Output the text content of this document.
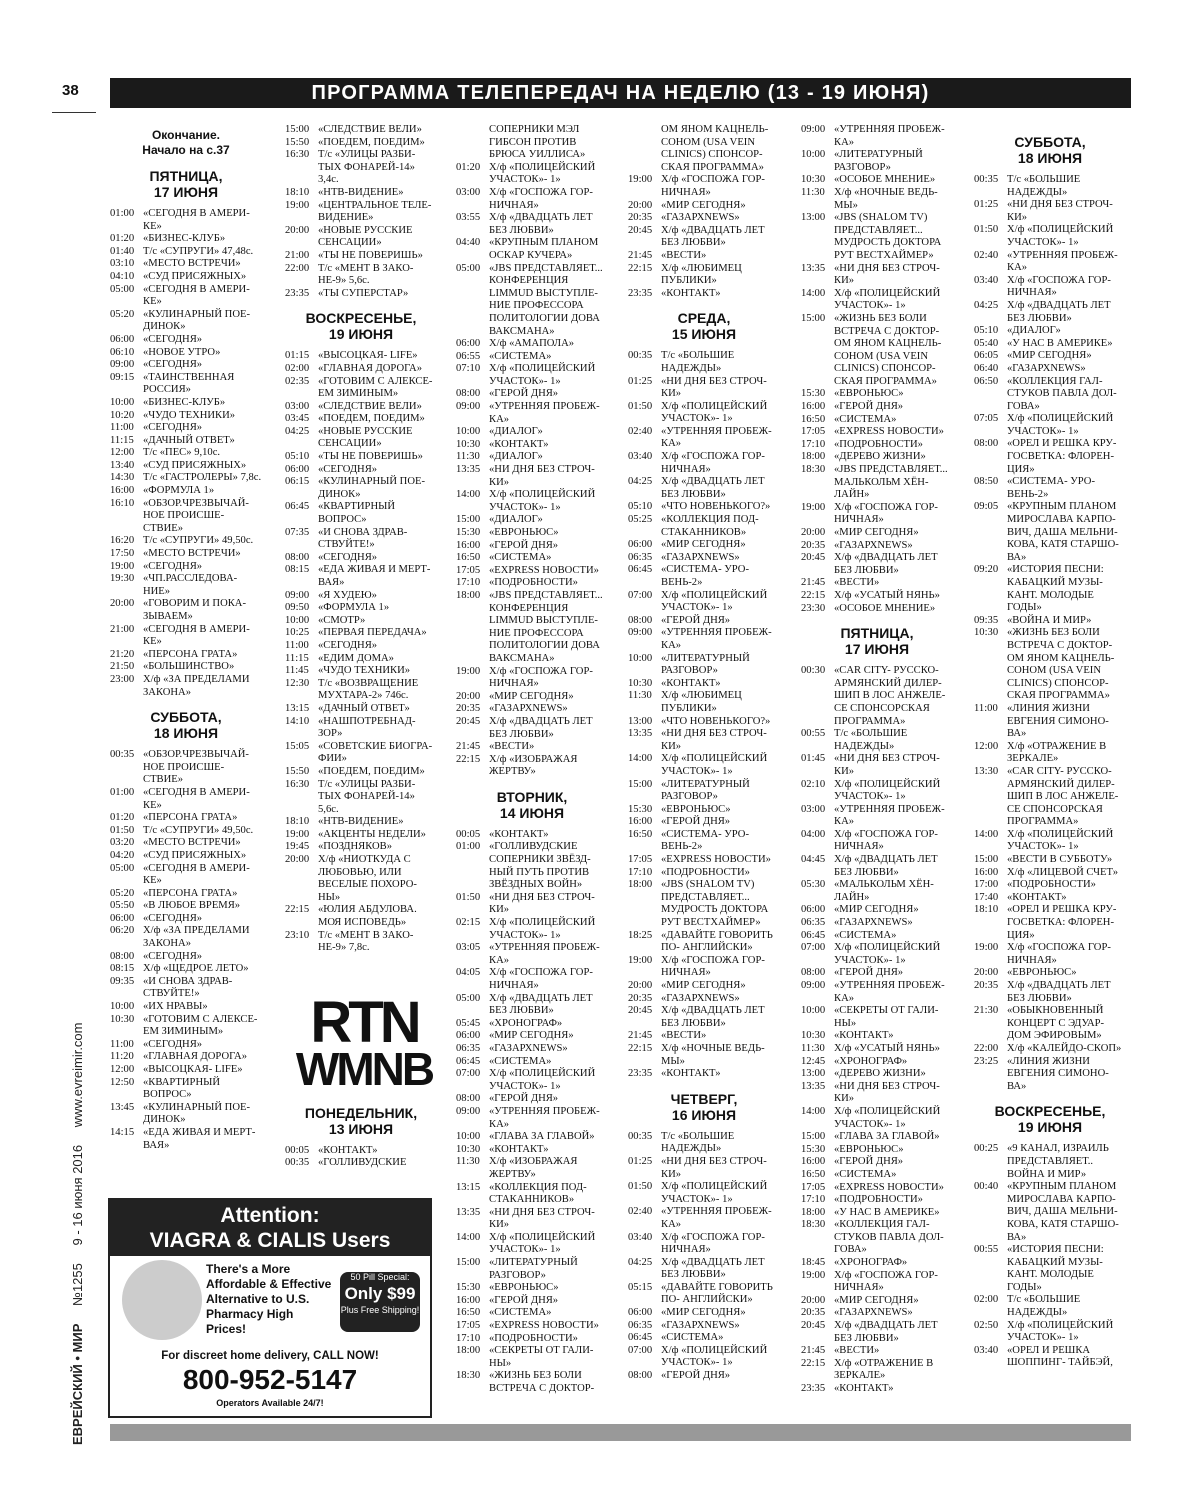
38	ПРОГРАММА ТЕЛЕПЕРЕДАЧ НА НЕДЕЛЮ (13 - 19 ИЮНЯ)
Окончание.
Начало на с.37
ПЯТНИЦА,
17 ИЮНЯ
01:00 «СЕГОДНЯ В АМЕРИ-КЕ»
01:20 «БИЗНЕС-КЛУБ»
01:40 Т/с «СУПРУГИ» 47,48с.
03:10 «МЕСТО ВСТРЕЧИ»
04:10 «СУД ПРИСЯЖНЫХ»
05:00 «СЕГОДНЯ В АМЕРИ-КЕ»
05:20 «КУЛИНАРНЫЙ ПОЕ-ДИНОК»
06:00 «СЕГОДНЯ»
06:10 «НОВОЕ УТРО»
09:00 «СЕГОДНЯ»
09:15 «ТАИНСТВЕННАЯ РОССИЯ»
10:00 «БИЗНЕС-КЛУБ»
10:20 «ЧУДО ТЕХНИКИ»
11:00 «СЕГОДНЯ»
11:15 «ДАЧНЫЙ ОТВЕТ»
12:00 Т/с «ПЕС» 9,10с.
13:40 «СУД ПРИСЯЖНЫХ»
14:30 Т/с «ГАСТРОЛЕРЫ» 7,8с.
16:00 «ФОРМУЛА 1»
16:10 «ОБЗОР.ЧРЕЗВЫЧАЙ-НОЕ ПРОИСШЕ-СТВИЕ»
16:20 Т/с «СУПРУГИ» 49,50с.
17:50 «МЕСТО ВСТРЕЧИ»
19:00 «СЕГОДНЯ»
19:30 «ЧП.РАССЛЕДОВА-НИЕ»
20:00 «ГОВОРИМ И ПОКА-ЗЫВАЕМ»
21:00 «СЕГОДНЯ В АМЕРИ-КЕ»
21:20 «ПЕРСОНА ГРАТА»
21:50 «БОЛЬШИНСТВО»
23:00 Х/ф «ЗА ПРЕДЕЛАМИ ЗАКОНА»
СУББОТА,
18 ИЮНЯ
00:35 «ОБЗОР.ЧРЕЗВЫЧАЙ-НОЕ ПРОИСШЕ-СТВИЕ»
01:00 «СЕГОДНЯ В АМЕРИ-КЕ»
01:20 «ПЕРСОНА ГРАТА»
01:50 Т/с «СУПРУГИ» 49,50с.
03:20 «МЕСТО ВСТРЕЧИ»
04:20 «СУД ПРИСЯЖНЫХ»
05:00 «СЕГОДНЯ В АМЕРИ-КЕ»
05:20 «ПЕРСОНА ГРАТА»
05:50 «В ЛЮБОЕ ВРЕМЯ»
06:00 «СЕГОДНЯ»
06:20 Х/ф «ЗА ПРЕДЕЛАМИ ЗАКОНА»
08:00 «СЕГОДНЯ»
08:15 Х/ф «ЩЕДРОЕ ЛЕТО»
09:35 «И СНОВА ЗДРАВ-СТВУЙТЕ!»
10:00 «ИХ НРАВЫ»
10:30 «ГОТОВИМ С АЛЕКСЕ-ЕМ ЗИМИНЫМ»
11:00 «СЕГОДНЯ»
11:20 «ГЛАВНАЯ ДОРОГА»
12:00 «ВЫСОЦКАЯ- LIFE»
12:50 «КВАРТИРНЫЙ ВОПРОС»
13:45 «КУЛИНАРНЫЙ ПОЕ-ДИНОК»
14:15 «ЕДА ЖИВАЯ И МЕРТ-ВАЯ»
15:00 «СЛЕДСТВИЕ ВЕЛИ»
15:50 «ПОЕДЕМ, ПОЕДИМ»
16:30 Т/с «УЛИЦЫ РАЗБИ-ТЫХ ФОНАРЕЙ-14» 3,4с.
18:10 «НТВ-ВИДЕНИЕ»
19:00 «ЦЕНТРАЛЬНОЕ ТЕЛЕ-ВИДЕНИЕ»
20:00 «НОВЫЕ РУССКИЕ СЕНСАЦИИ»
21:00 «ТЫ НЕ ПОВЕРИШЬ»
22:00 Т/с «МЕНТ В ЗАКО-НЕ-9» 5,6с.
23:35 «ТЫ СУПЕРСТАР»
ВОСКРЕСЕНЬЕ,
19 ИЮНЯ
01:15 «ВЫСОЦКАЯ- LIFE»
02:00 «ГЛАВНАЯ ДОРОГА»
02:35 «ГОТОВИМ С АЛЕКСЕ-ЕМ ЗИМИНЫМ»
03:00 «СЛЕДСТВИЕ ВЕЛИ»
03:45 «ПОЕДЕМ, ПОЕДИМ»
04:25 «НОВЫЕ РУССКИЕ СЕНСАЦИИ»
05:10 «ТЫ НЕ ПОВЕРИШЬ»
06:00 «СЕГОДНЯ»
06:15 «КУЛИНАРНЫЙ ПОЕ-ДИНОК»
06:45 «КВАРТИРНЫЙ ВОПРОС»
07:35 «И СНОВА ЗДРАВ-СТВУЙТЕ!»
08:00 «СЕГОДНЯ»
08:15 «ЕДА ЖИВАЯ И МЕРТ-ВАЯ»
09:00 «Я ХУДЕЮ»
09:50 «ФОРМУЛА 1»
10:00 «СМОТР»
10:25 «ПЕРВАЯ ПЕРЕДАЧА»
11:00 «СЕГОДНЯ»
11:15 «ЕДИМ ДОМА»
11:45 «ЧУДО ТЕХНИКИ»
12:30 Т/с «ВОЗВРАЩЕНИЕ МУХТАРА-2» 746с.
13:15 «ДАЧНЫЙ ОТВЕТ»
14:10 «НАШПОТРЕБНАД-ЗОР»
15:05 «СОВЕТСКИЕ БИОГРА-ФИИ»
15:50 «ПОЕДЕМ, ПОЕДИМ»
16:30 Т/с «УЛИЦЫ РАЗБИ-ТЫХ ФОНАРЕЙ-14» 5,6с.
18:10 «НТВ-ВИДЕНИЕ»
19:00 «АКЦЕНТЫ НЕДЕЛИ»
19:45 «ПОЗДНЯКОВ»
20:00 Х/ф «НИОТКУДА С ЛЮБОВЬЮ, ИЛИ ВЕСЕЛЫЕ ПОХОРО-НЫ»
22:15 «ЮЛИЯ АБДУЛОВА. МОЯ ИСПОВЕДЬ»
23:10 Т/с «МЕНТ В ЗАКО-НЕ-9» 7,8с.
ПОНЕДЕЛЬНИК,
13 ИЮНЯ
00:05 «КОНТАКТ»
00:35 «ГОЛЛИВУДСКИЕ
СОПЕРНИКИ МЭЛ ГИБСОН ПРОТИВ БРЮСА УИЛЛИСА»
01:20 Х/ф «ПОЛИЦЕЙСКИЙ УЧАСТОК»- 1»
03:00 Х/ф «ГОСПОЖА ГОР-НИЧНАЯ»
03:55 Х/ф «ДВАДЦАТЬ ЛЕТ БЕЗ ЛЮБВИ»
04:40 «КРУПНЫМ ПЛАНОМ ОСКАР КУЧЕРА»
05:00 «JBS ПРЕДСТАВЛЯЕТ... КОНФЕРЕНЦИЯ LIMMUD ВЫСТУПЛЕ-НИЕ ПРОФЕССОРА ПОЛИТОЛОГИИ ДОВА ВАКСМАНА»
06:00 Х/ф «АМАПОЛА»
06:55 «СИСТЕМА»
07:10 Х/ф «ПОЛИЦЕЙСКИЙ УЧАСТОК»- 1»
08:00 «ГЕРОЙ ДНЯ»
09:00 «УТРЕННЯЯ ПРОБЕЖ-КА»
10:00 «ДИАЛОГ»
10:30 «КОНТАКТ»
11:30 «ДИАЛОГ»
13:35 «НИ ДНЯ БЕЗ СТРОЧ-КИ»
14:00 Х/ф «ПОЛИЦЕЙСКИЙ УЧАСТОК»- 1»
15:00 «ДИАЛОГ»
15:30 «ЕВРОНЬЮС»
16:00 «ГЕРОЙ ДНЯ»
16:50 «СИСТЕМА»
17:05 «EXPRESS НОВОСТИ»
17:10 «ПОДРОБНОСТИ»
18:00 «JBS ПРЕДСТАВЛЯЕТ... КОНФЕРЕНЦИЯ LIMMUD ВЫСТУПЛЕ-НИЕ ПРОФЕССОРА ПОЛИТОЛОГИИ ДОВА ВАКСМАНА»
19:00 Х/ф «ГОСПОЖА ГОР-НИЧНАЯ»
20:00 «МИР СЕГОДНЯ»
20:35 «ГАЗАРХNEWS»
20:45 Х/ф «ДВАДЦАТЬ ЛЕТ БЕЗ ЛЮБВИ»
21:45 «ВЕСТИ»
22:15 Х/ф «ИЗОБРАЖАЯ ЖЕРТВУ»
ВТОРНИК,
14 ИЮНЯ
00:05 «КОНТАКТ»
01:00 «ГОЛЛИВУДСКИЕ СОПЕРНИКИ ЗВЁЗД-НЫЙ ПУТЬ ПРОТИВ ЗВЁЗДНЫХ ВОЙН»
01:50 «НИ ДНЯ БЕЗ СТРОЧ-КИ»
02:15 Х/ф «ПОЛИЦЕЙСКИЙ УЧАСТОК»- 1»
03:05 «УТРЕННЯЯ ПРОБЕЖ-КА»
04:05 Х/ф «ГОСПОЖА ГОР-НИЧНАЯ»
05:00 Х/ф «ДВАДЦАТЬ ЛЕТ БЕЗ ЛЮБВИ»
05:45 «ХРОНОГРАФ»
06:00 «МИР СЕГОДНЯ»
06:35 «ГАЗАРХNEWS»
06:45 «СИСТЕМА»
07:00 Х/ф «ПОЛИЦЕЙСКИЙ УЧАСТОК»- 1»
08:00 «ГЕРОЙ ДНЯ»
09:00 «УТРЕННЯЯ ПРОБЕЖ-КА»
10:00 «ГЛАВА ЗА ГЛАВОЙ»
10:30 «КОНТАКТ»
11:30 Х/ф «ИЗОБРАЖАЯ ЖЕРТВУ»
13:15 «КОЛЛЕКЦИЯ ПОД-СТАКАННИКОВ»
13:35 «НИ ДНЯ БЕЗ СТРОЧ-КИ»
14:00 Х/ф «ПОЛИЦЕЙСКИЙ УЧАСТОК»- 1»
15:00 «ЛИТЕРАТУРНЫЙ РАЗГОВОР»
15:30 «ЕВРОНЬЮС»
16:00 «ГЕРОЙ ДНЯ»
16:50 «СИСТЕМА»
17:05 «EXPRESS НОВОСТИ»
17:10 «ПОДРОБНОСТИ»
18:00 «СЕКРЕТЫ ОТ ГАЛИ-НЫ»
18:30 «ЖИЗНЬ БЕЗ БОЛИ ВСТРЕЧА С ДОКТОР-
ОМ ЯНОМ КАЦНЕЛЬ-СОНОМ (USA VEIN CLINICS) СПОНСОР-СКАЯ ПРОГРАММА»
19:00 Х/ф «ГОСПОЖА ГОР-НИЧНАЯ»
20:00 «МИР СЕГОДНЯ»
20:35 «ГАЗАРХNEWS»
20:45 Х/ф «ДВАДЦАТЬ ЛЕТ БЕЗ ЛЮБВИ»
21:45 «ВЕСТИ»
22:15 Х/ф «ЛЮБИМЕЦ ПУБЛИКИ»
23:35 «КОНТАКТ»
СРЕДА,
15 ИЮНЯ
00:35 Т/с «БОЛЬШИЕ НАДЕЖДЫ»
01:25 «НИ ДНЯ БЕЗ СТРОЧ-КИ»
01:50 Х/ф «ПОЛИЦЕЙСКИЙ УЧАСТОК»- 1»
02:40 «УТРЕННЯЯ ПРОБЕЖ-КА»
03:40 Х/ф «ГОСПОЖА ГОР-НИЧНАЯ»
04:25 Х/ф «ДВАДЦАТЬ ЛЕТ БЕЗ ЛЮБВИ»
05:10 «ЧТО НОВЕНЬКОГО?»
05:25 «КОЛЛЕКЦИЯ ПОД-СТАКАННИКОВ»
06:00 «МИР СЕГОДНЯ»
06:35 «ГАЗАРХNEWS»
06:45 «СИСТЕМА- УРО-ВЕНЬ-2»
07:00 Х/ф «ПОЛИЦЕЙСКИЙ УЧАСТОК»- 1»
08:00 «ГЕРОЙ ДНЯ»
09:00 «УТРЕННЯЯ ПРОБЕЖ-КА»
10:00 «ЛИТЕРАТУРНЫЙ РАЗГОВОР»
10:30 «КОНТАКТ»
11:30 Х/ф «ЛЮБИМЕЦ ПУБЛИКИ»
13:00 «ЧТО НОВЕНЬКОГО?»
13:35 «НИ ДНЯ БЕЗ СТРОЧ-КИ»
14:00 Х/ф «ПОЛИЦЕЙСКИЙ УЧАСТОК»- 1»
15:00 «ЛИТЕРАТУРНЫЙ РАЗГОВОР»
15:30 «ЕВРОНЬЮС»
16:00 «ГЕРОЙ ДНЯ»
16:50 «СИСТЕМА- УРО-ВЕНЬ-2»
17:05 «EXPRESS НОВОСТИ»
17:10 «ПОДРОБНОСТИ»
18:00 «JBS (SHALOM TV) ПРЕДСТАВЛЯЕТ... МУДРОСТЬ ДОКТОРА РУТ ВЕСТХАЙМЕР»
18:25 «ДАВАЙТЕ ГОВОРИТЬ ПО- АНГЛИЙСКИ»
19:00 Х/ф «ГОСПОЖА ГОР-НИЧНАЯ»
20:00 «МИР СЕГОДНЯ»
20:35 «ГАЗАРХNEWS»
20:45 Х/ф «ДВАДЦАТЬ ЛЕТ БЕЗ ЛЮБВИ»
21:45 «ВЕСТИ»
22:15 Х/ф «НОЧНЫЕ ВЕДЬ-МЫ»
23:35 «КОНТАКТ»
ЧЕТВЕРГ,
16 ИЮНЯ
00:35 Т/с «БОЛЬШИЕ НАДЕЖДЫ»
01:25 «НИ ДНЯ БЕЗ СТРОЧ-КИ»
01:50 Х/ф «ПОЛИЦЕЙСКИЙ УЧАСТОК»- 1»
02:40 «УТРЕННЯЯ ПРОБЕЖ-КА»
03:40 Х/ф «ГОСПОЖА ГОР-НИЧНАЯ»
04:25 Х/ф «ДВАДЦАТЬ ЛЕТ БЕЗ ЛЮБВИ»
05:15 «ДАВАЙТЕ ГОВОРИТЬ ПО- АНГЛИЙСКИ»
06:00 «МИР СЕГОДНЯ»
06:35 «ГАЗАРХNEWS»
06:45 «СИСТЕМА»
07:00 Х/ф «ПОЛИЦЕЙСКИЙ УЧАСТОК»- 1»
08:00 «ГЕРОЙ ДНЯ»
09:00 «УТРЕННЯЯ ПРОБЕЖ-КА»
10:00 «ЛИТЕРАТУРНЫЙ РАЗГОВОР»
10:30 «ОСОБОЕ МНЕНИЕ»
11:30 Х/ф «НОЧНЫЕ ВЕДЬ-МЫ»
13:00 «JBS (SHALOM TV) ПРЕДСТАВЛЯЕТ... МУДРОСТЬ ДОКТОРА РУТ ВЕСТХАЙМЕР»
13:35 «НИ ДНЯ БЕЗ СТРОЧ-КИ»
14:00 Х/ф «ПОЛИЦЕЙСКИЙ УЧАСТОК»- 1»
15:00 «ЖИЗНЬ БЕЗ БОЛИ ВСТРЕЧА С ДОКТОР-ОМ ЯНОМ КАЦНЕЛЬ-СОНОМ (USA VEIN CLINICS) СПОНСОР-СКАЯ ПРОГРАММА»
15:30 «ЕВРОНЬЮС»
16:00 «ГЕРОЙ ДНЯ»
16:50 «СИСТЕМА»
17:05 «EXPRESS НОВОСТИ»
17:10 «ПОДРОБНОСТИ»
18:00 «ДЕРЕВО ЖИЗНИ»
18:30 «JBS ПРЕДСТАВЛЯЕТ... МАЛЬКОЛЬМ ХЁН-ЛАЙН»
19:00 Х/ф «ГОСПОЖА ГОР-НИЧНАЯ»
20:00 «МИР СЕГОДНЯ»
20:35 «ГАЗАРХNEWS»
20:45 Х/ф «ДВАДЦАТЬ ЛЕТ БЕЗ ЛЮБВИ»
21:45 «ВЕСТИ»
22:15 Х/ф «УСАТЫЙ НЯНЬ»
23:30 «ОСОБОЕ МНЕНИЕ»
ПЯТНИЦА,
17 ИЮНЯ
00:30 «CAR CITY- РУССКО-АРМЯНСКИЙ ДИЛЕР-ШИП В ЛОС АНЖЕЛЕ-СЕ СПОНСОРСКАЯ ПРОГРАММА»
00:55 Т/с «БОЛЬШИЕ НАДЕЖДЫ»
01:45 «НИ ДНЯ БЕЗ СТРОЧ-КИ»
02:10 Х/ф «ПОЛИЦЕЙСКИЙ УЧАСТОК»- 1»
03:00 «УТРЕННЯЯ ПРОБЕЖ-КА»
04:00 Х/ф «ГОСПОЖА ГОР-НИЧНАЯ»
04:45 Х/ф «ДВАДЦАТЬ ЛЕТ БЕЗ ЛЮБВИ»
05:30 «МАЛЬКОЛЬМ ХЁН-ЛАЙН»
06:00 «МИР СЕГОДНЯ»
06:35 «ГАЗАРХNEWS»
06:45 «СИСТЕМА»
07:00 Х/ф «ПОЛИЦЕЙСКИЙ УЧАСТОК»- 1»
08:00 «ГЕРОЙ ДНЯ»
09:00 «УТРЕННЯЯ ПРОБЕЖ-КА»
10:00 «СЕКРЕТЫ ОТ ГАЛИ-НЫ»
10:30 «КОНТАКТ»
11:30 Х/ф «УСАТЫЙ НЯНЬ»
12:45 «ХРОНОГРАФ»
13:00 «ДЕРЕВО ЖИЗНИ»
13:35 «НИ ДНЯ БЕЗ СТРОЧ-КИ»
14:00 Х/ф «ПОЛИЦЕЙСКИЙ УЧАСТОК»- 1»
15:00 «ГЛАВА ЗА ГЛАВОЙ»
15:30 «ЕВРОНЬЮС»
16:00 «ГЕРОЙ ДНЯ»
16:50 «СИСТЕМА»
17:05 «EXPRESS НОВОСТИ»
17:10 «ПОДРОБНОСТИ»
18:00 «У НАС В АМЕРИКЕ»
18:30 «КОЛЛЕКЦИЯ ГАЛ-СТУКОВ ПАВЛА ДОЛ-ГОВА»
18:45 «ХРОНОГРАФ»
19:00 Х/ф «ГОСПОЖА ГОР-НИЧНАЯ»
20:00 «МИР СЕГОДНЯ»
20:35 «ГАЗАРХNEWS»
20:45 Х/ф «ДВАДЦАТЬ ЛЕТ БЕЗ ЛЮБВИ»
21:45 «ВЕСТИ»
22:15 Х/ф «ОТРАЖЕНИЕ В ЗЕРКАЛЕ»
23:35 «КОНТАКТ»
СУББОТА,
18 ИЮНЯ
00:35 Т/с «БОЛЬШИЕ НАДЕЖДЫ»
01:25 «НИ ДНЯ БЕЗ СТРОЧ-КИ»
01:50 Х/ф «ПОЛИЦЕЙСКИЙ УЧАСТОК»- 1»
02:40 «УТРЕННЯЯ ПРОБЕЖ-КА»
03:40 Х/ф «ГОСПОЖА ГОР-НИЧНАЯ»
04:25 Х/ф «ДВАДЦАТЬ ЛЕТ БЕЗ ЛЮБВИ»
05:10 «ДИАЛОГ»
05:40 «У НАС В АМЕРИКЕ»
06:05 «МИР СЕГОДНЯ»
06:40 «ГАЗАРХNEWS»
06:50 «КОЛЛЕКЦИЯ ГАЛ-СТУКОВ ПАВЛА ДОЛ-ГОВА»
07:05 Х/ф «ПОЛИЦЕЙСКИЙ УЧАСТОК»- 1»
08:00 «ОРЕЛ И РЕШКА КРУ-ГОСВЕТКА: ФЛОРЕН-ЦИЯ»
08:50 «СИСТЕМА- УРО-ВЕНЬ-2»
09:05 «КРУПНЫМ ПЛАНОМ МИРОСЛАВА КАРПО-ВИЧ, ДАША МЕЛЬНИ-КОВА, КАТЯ СТАРШО-ВА»
09:20 «ИСТОРИЯ ПЕСНИ: КАБАЦКИЙ МУЗЫ-КАНТ. МОЛОДЫЕ ГОДЫ»
09:35 «ВОЙНА И МИР»
10:30 «ЖИЗНЬ БЕЗ БОЛИ ВСТРЕЧА С ДОКТОР-ОМ ЯНОМ КАЦНЕЛЬ-СОНОМ (USA VEIN CLINICS) СПОНСОР-СКАЯ ПРОГРАММА»
11:00 «ЛИНИЯ ЖИЗНИ ЕВГЕНИЯ СИМОНО-ВА»
12:00 Х/ф «ОТРАЖЕНИЕ В ЗЕРКАЛЕ»
13:30 «CAR CITY- РУССКО-АРМЯНСКИЙ ДИЛЕР-ШИП В ЛОС АНЖЕЛЕ-СЕ СПОНСОРСКАЯ ПРОГРАММА»
14:00 Х/ф «ПОЛИЦЕЙСКИЙ УЧАСТОК»- 1»
15:00 «ВЕСТИ В СУББОТУ»
16:00 Х/ф «ЛИЦЕВОЙ СЧЕТ»
17:00 «ПОДРОБНОСТИ»
17:40 «КОНТАКТ»
18:10 «ОРЕЛ И РЕШКА КРУ-ГОСВЕТКА: ФЛОРЕН-ЦИЯ»
19:00 Х/ф «ГОСПОЖА ГОР-НИЧНАЯ»
20:00 «ЕВРОНЬЮС»
20:35 Х/ф «ДВАДЦАТЬ ЛЕТ БЕЗ ЛЮБВИ»
21:30 «ОБЫКНОВЕННЫЙ КОНЦЕРТ С ЭДУАР-ДОМ ЭФИРОВЫМ»
22:00 Х/ф «КАЛЕЙДО-СКОП»
23:25 «ЛИНИЯ ЖИЗНИ ЕВГЕНИЯ СИМОНО-ВА»
ВОСКРЕСЕНЬЕ,
19 ИЮНЯ
00:25 «9 КАНАЛ, ИЗРАИЛЬ ПРЕДСТАВЛЯЕТ.. ВОЙНА И МИР»
00:40 «КРУПНЫМ ПЛАНОМ МИРОСЛАВА КАРПО-ВИЧ, ДАША МЕЛЬНИ-КОВА, КАТЯ СТАРШО-ВА»
00:55 «ИСТОРИЯ ПЕСНИ: КАБАЦКИЙ МУЗЫ-КАНТ. МОЛОДЫЕ ГОДЫ»
02:00 Т/с «БОЛЬШИЕ НАДЕЖДЫ»
02:50 Х/ф «ПОЛИЦЕЙСКИЙ УЧАСТОК»- 1»
03:40 «ОРЕЛ И РЕШКА ШОППИНГ- ТАЙБЭЙ,
RTN
WMNB
Attention:
VIAGRA & CIALIS Users
There's a More Affordable & Effective Alternative to U.S. Pharmacy High Prices!
50 Pill Special:
Only $99
Plus Free Shipping!
For discreet home delivery, CALL NOW!
800-952-5147
Operators Available 24/7!
ЕВРЕЙСКИЙ • МИР №1255 9 - 16 июня 2016 www.evreimir.com
